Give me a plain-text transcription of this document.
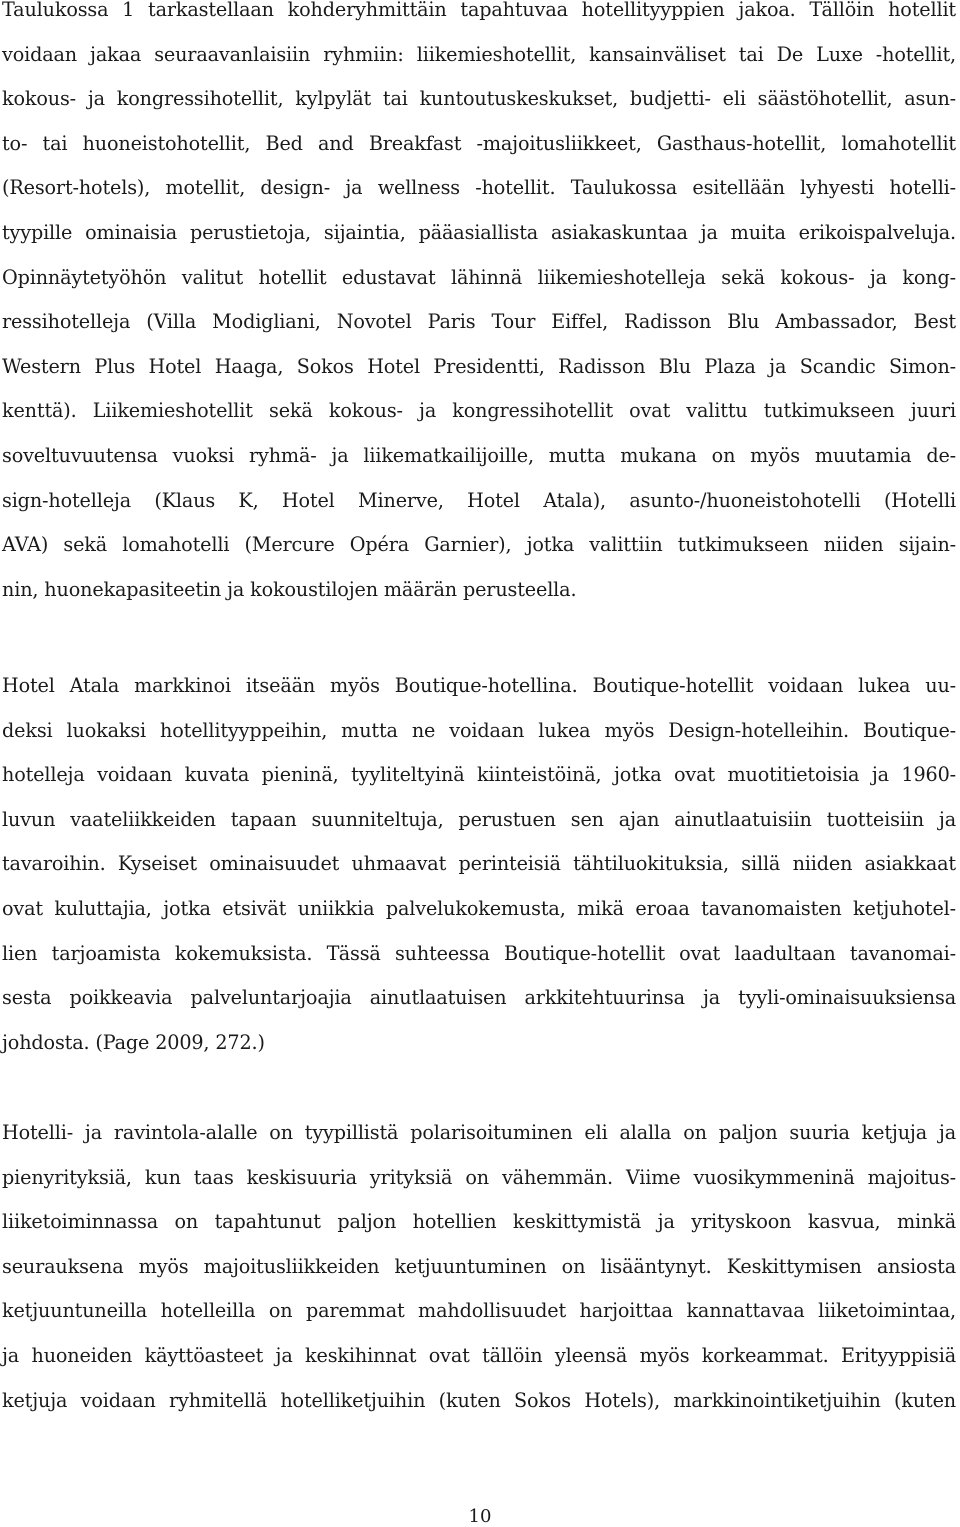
Taulukossa 1 tarkastellaan kohderyhmittäin tapahtuvaa hotellityyppien jakoa. Tällöin hotellit
voidaan jakaa seuraavanlaisiin ryhmiin: liikemieshotellit, kansainväliset tai De Luxe -hotellit,
kokous- ja kongressihotellit, kylpylät tai kuntoutuskeskukset, budjetti- eli säästöhotellit, asun-
to- tai huoneistohotellit, Bed and Breakfast -majoitusliikkeet, Gasthaus-hotellit, lomahotellit
(Resort-hotels), motellit, design- ja wellness -hotellit. Taulukossa esitellään lyhyesti hotelli-
tyypille ominaisia perustietoja, sijaintia, pääasiallista asiakaskuntaa ja muita erikoispalveluja.
Opinnäytetyöhön valitut hotellit edustavat lähinnä liikemieshotelleja sekä kokous- ja kong-
ressihotelleja (Villa Modigliani, Novotel Paris Tour Eiffel, Radisson Blu Ambassador, Best
Western Plus Hotel Haaga, Sokos Hotel Presidentti, Radisson Blu Plaza ja Scandic Simon-
kenttä). Liikemieshotellit sekä kokous- ja kongressihotellit ovat valittu tutkimukseen juuri
soveltuvuutensa vuoksi ryhmä- ja liikematkailijoille, mutta mukana on myös muutamia de-
sign-hotelleja (Klaus K, Hotel Minerve, Hotel Atala), asunto-/huoneistohotelli (Hotelli
AVA) sekä lomahotelli (Mercure Opéra Garnier), jotka valittiin tutkimukseen niiden sijain-
nin, huonekapasiteetin ja kokoustilojen määrän perusteella.
Hotel Atala markkinoi itseään myös Boutique-hotellina. Boutique-hotellit voidaan lukea uu-
deksi luokaksi hotellityyppeihin, mutta ne voidaan lukea myös Design-hotelleihin. Boutique-
hotelleja voidaan kuvata pieninä, tyyliteltyinä kiinteistöinä, jotka ovat muotitietoisia ja 1960-
luvun vaateliikkeiden tapaan suunniteltuja, perustuen sen ajan ainutlaatuisiin tuotteisiin ja
tavaroihin. Kyseiset ominaisuudet uhmaavat perinteisiä tähtiluokituksia, sillä niiden asiakkaat
ovat kuluttajia, jotka etsivät uniikkia palvelukokemusta, mikä eroaa tavanomaisten ketjuhotel-
lien tarjoamista kokemuksista. Tässä suhteessa Boutique-hotellit ovat laadultaan tavanomai-
sesta poikkeavia palveluntarjoajia ainutlaatuisen arkkitehtuurinsa ja tyyli-ominaisuuksiensa
johdosta. (Page 2009, 272.)
Hotelli- ja ravintola-alalle on tyypillistä polarisoituminen eli alalla on paljon suuria ketjuja ja
pienyrityksiä, kun taas keskisuuria yrityksiä on vähemmän. Viime vuosikymmeninä majoitus-
liiketoiminnassa on tapahtunut paljon hotellien keskittymistä ja yrityskoon kasvua, minkä
seurauksena myös majoitusliikkeiden ketjuuntuminen on lisääntynyt. Keskittymisen ansiosta
ketjuuntuneilla hotelleilla on paremmat mahdollisuudet harjoittaa kannattavaa liiketoimintaa,
ja huoneiden käyttöasteet ja keskihinnat ovat tällöin yleensä myös korkeammat. Erityyppisiä
ketjuja voidaan ryhmitellä hotelliketjuihin (kuten Sokos Hotels), markkinointiketjuihin (kuten
10
